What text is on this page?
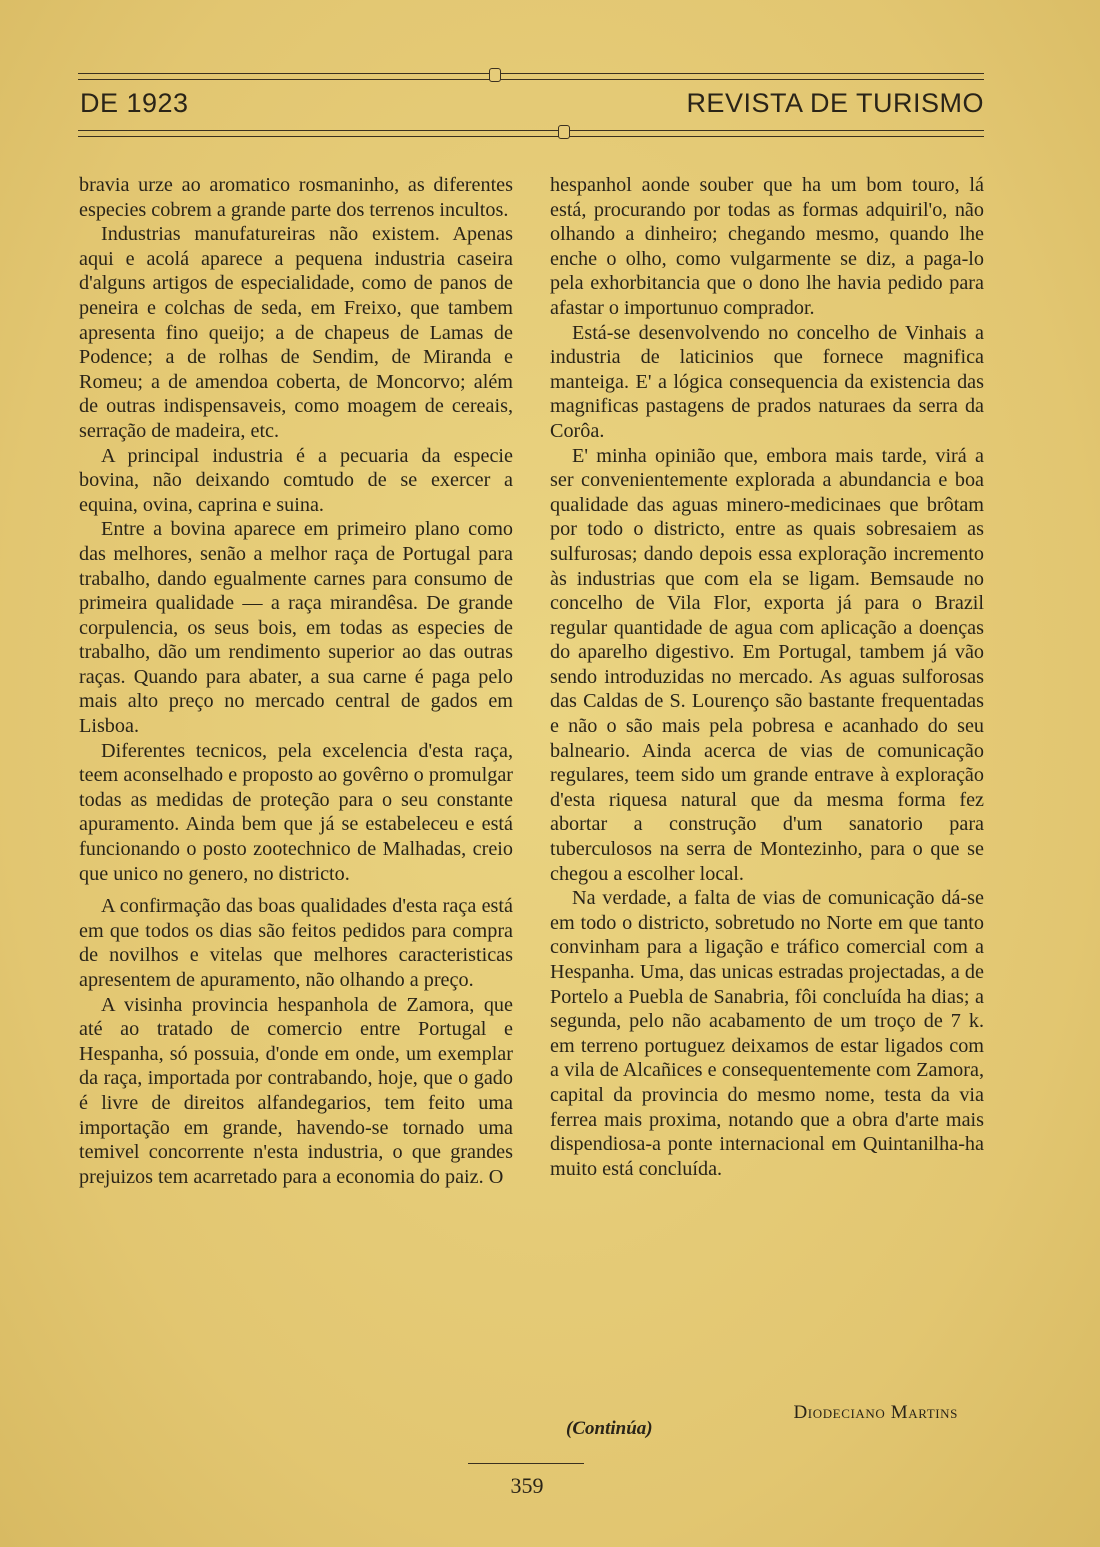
DE 1923	REVISTA DE TURISMO

bravia urze ao aromatico rosmaninho, as diferentes especies cobrem a grande parte dos terrenos incultos.

Industrias manufatureiras não existem. Apenas aqui e acolá aparece a pequena industria caseira d'alguns artigos de especialidade, como de panos de peneira e colchas de seda, em Freixo, que tambem apresenta fino queijo; a de chapeus de Lamas de Podence; a de rolhas de Sendim, de Miranda e Romeu; a de amendoa coberta, de Moncorvo; além de outras indispensaveis, como moagem de cereais, serração de madeira, etc.

A principal industria é a pecuaria da especie bovina, não deixando comtudo de se exercer a equina, ovina, caprina e suina.

Entre a bovina aparece em primeiro plano como das melhores, senão a melhor raça de Portugal para trabalho, dando egualmente carnes para consumo de primeira qualidade — a raça mirandêsa. De grande corpulencia, os seus bois, em todas as especies de trabalho, dão um rendimento superior ao das outras raças. Quando para abater, a sua carne é paga pelo mais alto preço no mercado central de gados em Lisboa.

Diferentes tecnicos, pela excelencia d'esta raça, teem aconselhado e proposto ao govêrno o promulgar todas as medidas de proteção para o seu constante apuramento. Ainda bem que já se estabeleceu e está funcionando o posto zootechnico de Malhadas, creio que unico no genero, no districto.

A confirmação das boas qualidades d'esta raça está em que todos os dias são feitos pedidos para compra de novilhos e vitelas que melhores caracteristicas apresentem de apuramento, não olhando a preço.

A visinha provincia hespanhola de Zamora, que até ao tratado de comercio entre Portugal e Hespanha, só possuia, d'onde em onde, um exemplar da raça, importada por contrabando, hoje, que o gado é livre de direitos alfandegarios, tem feito uma importação em grande, havendo-se tornado uma temivel concorrente n'esta industria, o que grandes prejuizos tem acarretado para a economia do paiz. O

hespanhol aonde souber que ha um bom touro, lá está, procurando por todas as formas adquiril'o, não olhando a dinheiro; chegando mesmo, quando lhe enche o olho, como vulgarmente se diz, a paga-lo pela exhorbitancia que o dono lhe havia pedido para afastar o importunuo comprador.

Está-se desenvolvendo no concelho de Vinhais a industria de laticinios que fornece magnifica manteiga. E' a lógica consequencia da existencia das magnificas pastagens de prados naturaes da serra da Corôa.

E' minha opinião que, embora mais tarde, virá a ser convenientemente explorada a abundancia e boa qualidade das aguas minero-medicinaes que brôtam por todo o districto, entre as quais sobresaiem as sulfurosas; dando depois essa exploração incremento às industrias que com ela se ligam. Bemsaude no concelho de Vila Flor, exporta já para o Brazil regular quantidade de agua com aplicação a doenças do aparelho digestivo. Em Portugal, tambem já vão sendo introduzidas no mercado. As aguas sulforosas das Caldas de S. Lourenço são bastante frequentadas e não o são mais pela pobresa e acanhado do seu balneario. Ainda acerca de vias de comunicação regulares, teem sido um grande entrave à exploração d'esta riquesa natural que da mesma forma fez abortar a construção d'um sanatorio para tuberculosos na serra de Montezinho, para o que se chegou a escolher local.

Na verdade, a falta de vias de comunicação dá-se em todo o districto, sobretudo no Norte em que tanto convinham para a ligação e tráfico comercial com a Hespanha. Uma, das unicas estradas projectadas, a de Portelo a Puebla de Sanabria, fôi concluída ha dias; a segunda, pelo não acabamento de um troço de 7 k. em terreno portuguez deixamos de estar ligados com a vila de Alcañices e consequentemente com Zamora, capital da provincia do mesmo nome, testa da via ferrea mais proxima, notando que a obra d'arte mais dispendiosa-a ponte internacional em Quintanilha-ha muito está concluída.

Diodeciano Martins
(Continúa)
359
